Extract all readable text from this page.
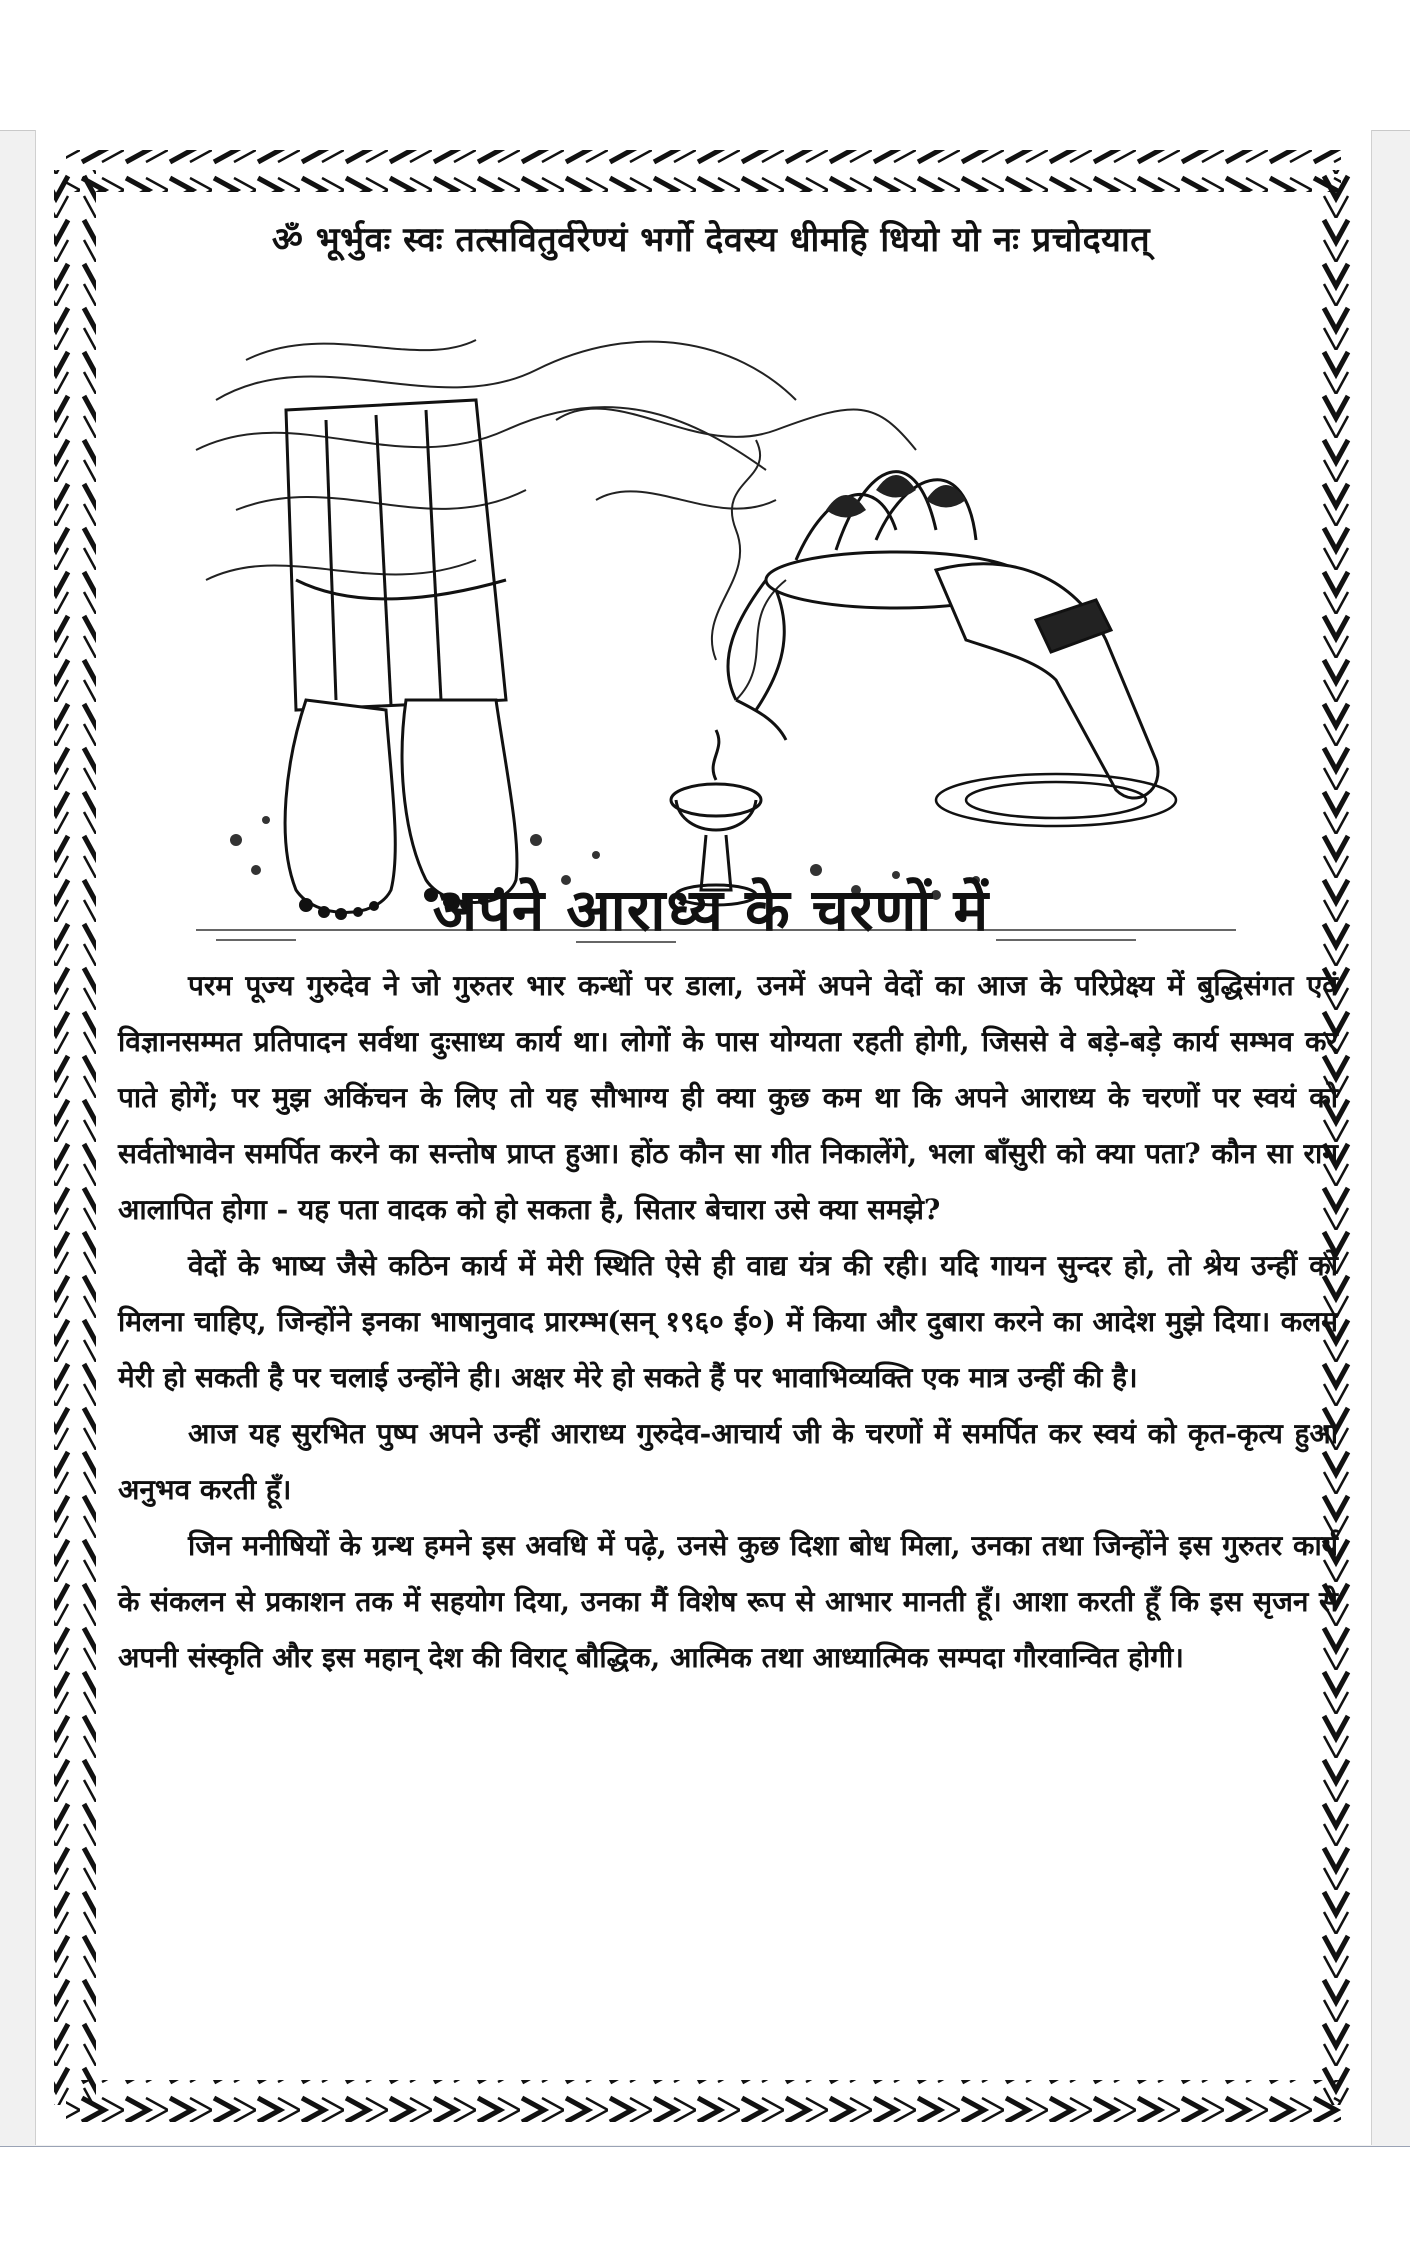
ॐ भूर्भुवः स्वः तत्सवितुर्वरेण्यं भर्गो देवस्य धीमहि धियो यो नः प्रचोदयात्
अपने आराध्य के चरणों में

परम पूज्य गुरुदेव ने जो गुरुतर भार कन्धों पर डाला, उनमें अपने वेदों का आज के परिप्रेक्ष्य में बुद्धिसंगत एवं विज्ञानसम्मत प्रतिपादन सर्वथा दुःसाध्य कार्य था। लोगों के पास योग्यता रहती होगी, जिससे वे बड़े-बड़े कार्य सम्भव कर पाते होगें; पर मुझ अकिंचन के लिए तो यह सौभाग्य ही क्या कुछ कम था कि अपने आराध्य के चरणों पर स्वयं को सर्वतोभावेन समर्पित करने का सन्तोष प्राप्त हुआ। होंठ कौन सा गीत निकालेंगे, भला बाँसुरी को क्या पता? कौन सा राग आलापित होगा - यह पता वादक को हो सकता है, सितार बेचारा उसे क्या समझे?

वेदों के भाष्य जैसे कठिन कार्य में मेरी स्थिति ऐसे ही वाद्य यंत्र की रही। यदि गायन सुन्दर हो, तो श्रेय उन्हीं को मिलना चाहिए, जिन्होंने इनका भाषानुवाद प्रारम्भ(सन् १९६० ई०) में किया और दुबारा करने का आदेश मुझे दिया। कलम मेरी हो सकती है पर चलाई उन्होंने ही। अक्षर मेरे हो सकते हैं पर भावाभिव्यक्ति एक मात्र उन्हीं की है।

आज यह सुरभित पुष्प अपने उन्हीं आराध्य गुरुदेव-आचार्य जी के चरणों में समर्पित कर स्वयं को कृत-कृत्य हुआ अनुभव करती हूँ।

जिन मनीषियों के ग्रन्थ हमने इस अवधि में पढ़े, उनसे कुछ दिशा बोध मिला, उनका तथा जिन्होंने इस गुरुतर कार्य के संकलन से प्रकाशन तक में सहयोग दिया, उनका मैं विशेष रूप से आभार मानती हूँ। आशा करती हूँ कि इस सृजन से अपनी संस्कृति और इस महान् देश की विराट् बौद्धिक, आत्मिक तथा आध्यात्मिक सम्पदा गौरवान्वित होगी।
